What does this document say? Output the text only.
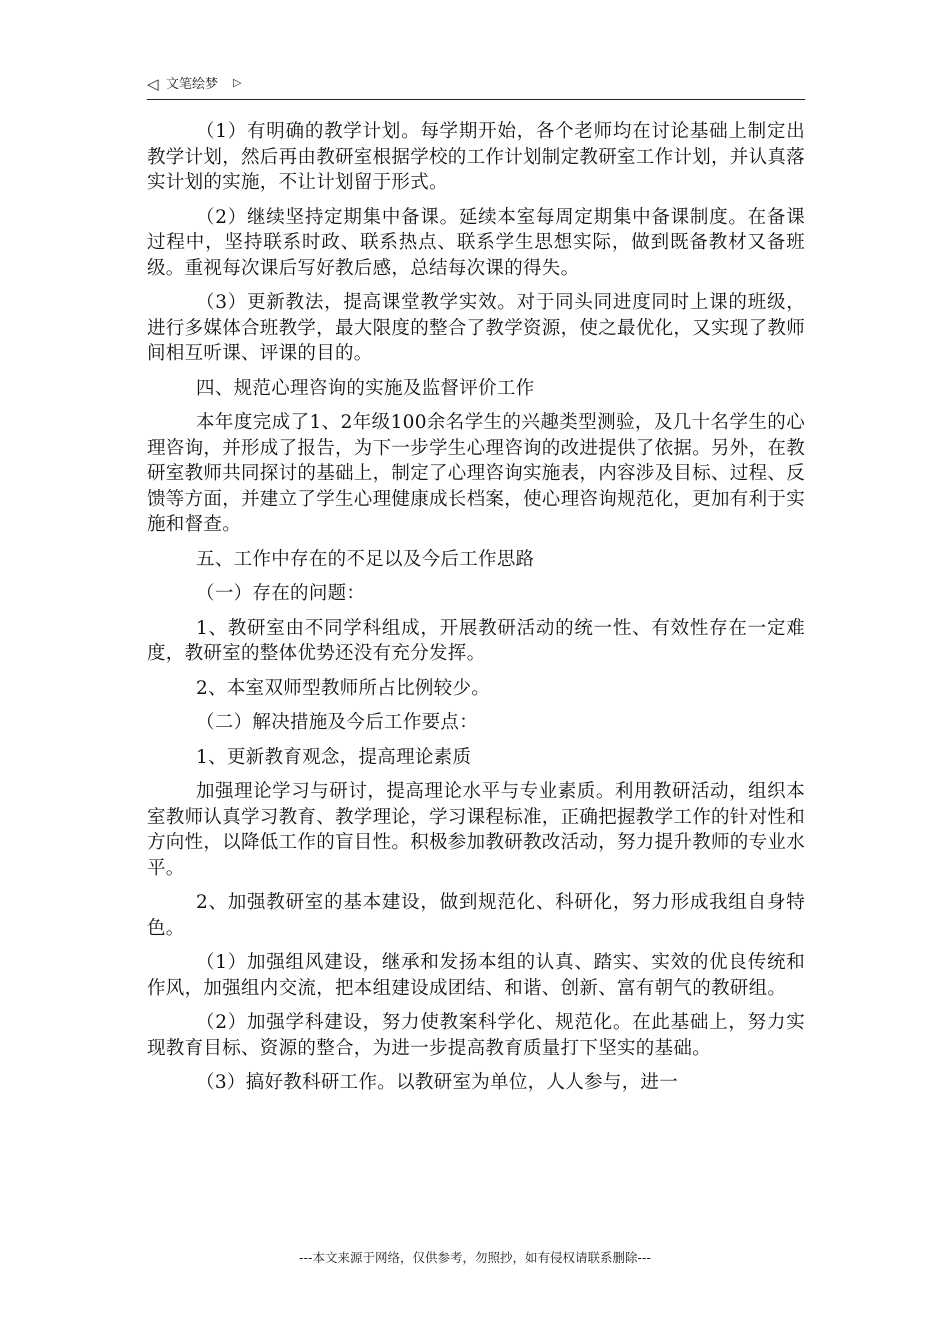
◁ 文笔绘梦 ▷

（1）有明确的教学计划。每学期开始，各个老师均在讨论基础上制定出教学计划，然后再由教研室根据学校的工作计划制定教研室工作计划，并认真落实计划的实施，不让计划留于形式。

（2）继续坚持定期集中备课。延续本室每周定期集中备课制度。在备课过程中，坚持联系时政、联系热点、联系学生思想实际，做到既备教材又备班级。重视每次课后写好教后感，总结每次课的得失。

（3）更新教法，提高课堂教学实效。对于同头同进度同时上课的班级，进行多媒体合班教学，最大限度的整合了教学资源，使之最优化，又实现了教师间相互听课、评课的目的。

四、规范心理咨询的实施及监督评价工作

本年度完成了1、2年级100余名学生的兴趣类型测验，及几十名学生的心理咨询，并形成了报告，为下一步学生心理咨询的改进提供了依据。另外，在教研室教师共同探讨的基础上，制定了心理咨询实施表，内容涉及目标、过程、反馈等方面，并建立了学生心理健康成长档案，使心理咨询规范化，更加有利于实施和督查。

五、工作中存在的不足以及今后工作思路

（一）存在的问题：

1、教研室由不同学科组成，开展教研活动的统一性、有效性存在一定难度，教研室的整体优势还没有充分发挥。

2、本室双师型教师所占比例较少。

（二）解决措施及今后工作要点：

1、更新教育观念，提高理论素质

加强理论学习与研讨，提高理论水平与专业素质。利用教研活动，组织本室教师认真学习教育、教学理论，学习课程标准，正确把握教学工作的针对性和方向性，以降低工作的盲目性。积极参加教研教改活动，努力提升教师的专业水平。

2、加强教研室的基本建设，做到规范化、科研化，努力形成我组自身特色。

（1）加强组风建设，继承和发扬本组的认真、踏实、实效的优良传统和作风，加强组内交流，把本组建设成团结、和谐、创新、富有朝气的教研组。

（2）加强学科建设，努力使教案科学化、规范化。在此基础上，努力实现教育目标、资源的整合，为进一步提高教育质量打下坚实的基础。

（3）搞好教科研工作。以教研室为单位，人人参与，进一

---本文来源于网络，仅供参考，勿照抄，如有侵权请联系删除---
